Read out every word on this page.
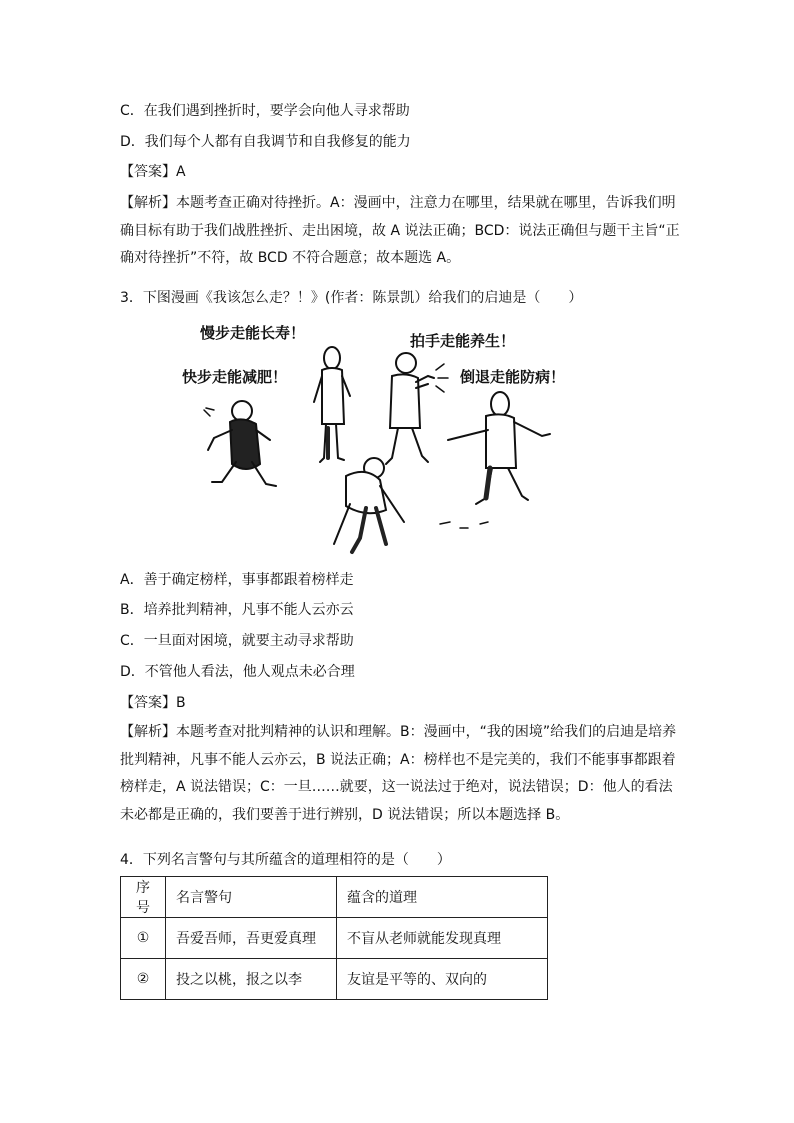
C．在我们遇到挫折时，要学会向他人寻求帮助
D．我们每个人都有自我调节和自我修复的能力
【答案】A
【解析】本题考查正确对待挫折。A：漫画中，注意力在哪里，结果就在哪里，告诉我们明确目标有助于我们战胜挫折、走出困境，故 A 说法正确；BCD：说法正确但与题干主旨“正确对待挫折”不符，故 BCD 不符合题意；故本题选 A。
3．下图漫画《我该怎么走？！》(作者：陈景凯）给我们的启迪是（　　）
慢步走能长寿！	拍手走能养生！
快步走能减肥！	倒退走能防病！
A．善于确定榜样，事事都跟着榜样走
B．培养批判精神，凡事不能人云亦云
C．一旦面对困境，就要主动寻求帮助
D．不管他人看法，他人观点未必合理
【答案】B
【解析】本题考查对批判精神的认识和理解。B：漫画中，“我的困境”给我们的启迪是培养批判精神，凡事不能人云亦云，B 说法正确；A：榜样也不是完美的，我们不能事事都跟着榜样走，A 说法错误；C：一旦……就要，这一说法过于绝对，说法错误；D：他人的看法未必都是正确的，我们要善于进行辨别，D 说法错误；所以本题选择 B。
4．下列名言警句与其所蕴含的道理相符的是（　　）
序号	名言警句	蕴含的道理
①	吾爱吾师，吾更爱真理	不盲从老师就能发现真理
②	投之以桃，报之以李	友谊是平等的、双向的
